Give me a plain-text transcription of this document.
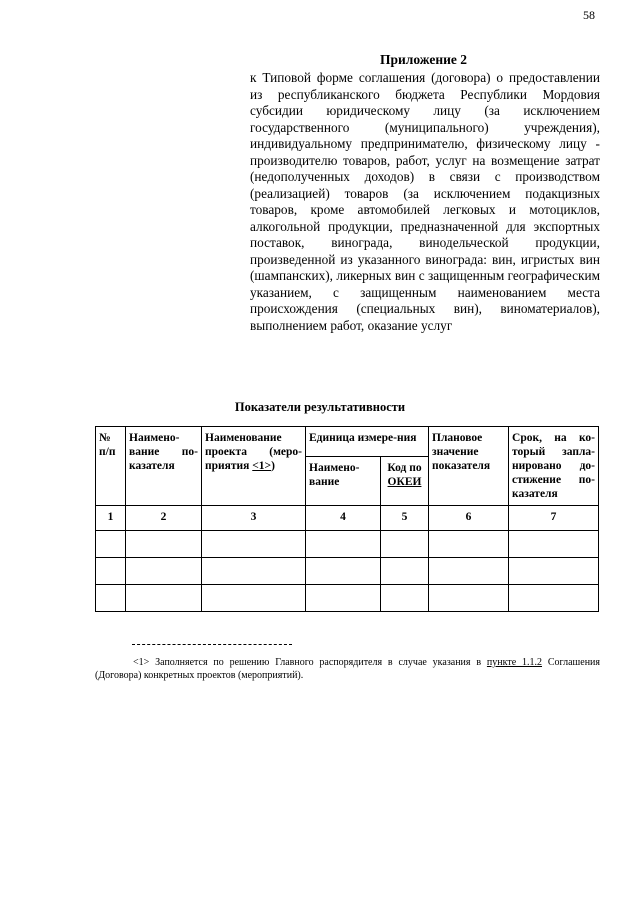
58
Приложение 2
к Типовой форме соглашения (договора) о предоставлении из республиканского бюджета Республики Мордовия субсидии юридическому лицу (за исключением государственного (муниципального) учреждения), индивидуальному предпринимателю, физическому лицу - производителю товаров, работ, услуг на возмещение затрат (недополученных доходов) в связи с производством (реализацией) товаров (за исключением подакцизных товаров, кроме автомобилей легковых и мотоциклов, алкогольной продукции, предназначенной для экспортных поставок, винограда, винодельческой продукции, произведенной из указанного винограда: вин, игристых вин (шампанских), ликерных вин с защищенным географическим указанием, с защищенным наименованием места происхождения (специальных вин), виноматериалов), выполнением работ, оказание услуг
Показатели результативности
№ п/п	Наимено-вание по-казателя	Наименование проекта (меро-приятия <1>)	Единица измере-ния		Плановое значение показателя	Срок, на ко-торый запла-нировано до-стижение по-казателя
			Наимено-вание	Код по ОКЕИ		
1	2	3	4	5	6	7

<1> Заполняется по решению Главного распорядителя в случае указания в пункте 1.1.2 Соглашения (Договора) конкретных проектов (мероприятий).
